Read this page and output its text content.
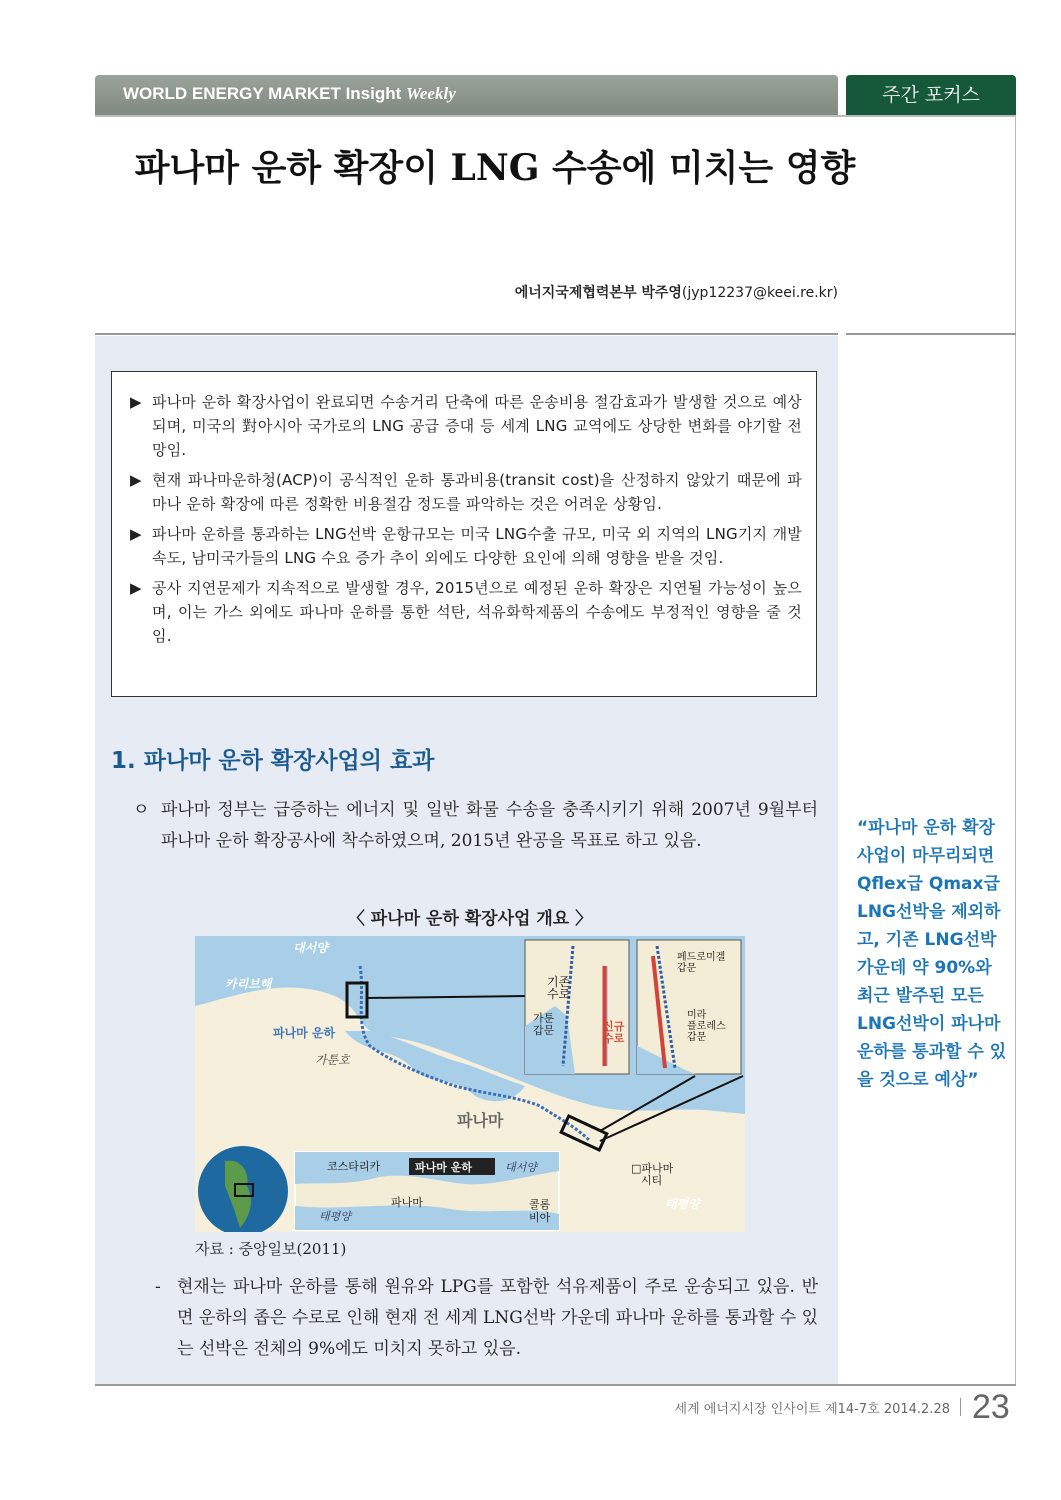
WORLD ENERGY MARKET Insight Weekly	주간 포커스
파나마 운하 확장이 LNG 수송에 미치는 영향
에너지국제협력본부 박주영(jyp12237@keei.re.kr)
▶ 파나마 운하 확장사업이 완료되면 수송거리 단축에 따른 운송비용 절감효과가 발생할 것으로 예상되며, 미국의 對아시아 국가로의 LNG 공급 증대 등 세계 LNG 교역에도 상당한 변화를 야기할 전망임.
▶ 현재 파나마운하청(ACP)이 공식적인 운하 통과비용(transit cost)을 산정하지 않았기 때문에 파마나 운하 확장에 따른 정확한 비용절감 정도를 파악하는 것은 어려운 상황임.
▶ 파나마 운하를 통과하는 LNG선박 운항규모는 미국 LNG수출 규모, 미국 외 지역의 LNG기지 개발 속도, 남미국가들의 LNG 수요 증가 추이 외에도 다양한 요인에 의해 영향을 받을 것임.
▶ 공사 지연문제가 지속적으로 발생할 경우, 2015년으로 예정된 운하 확장은 지연될 가능성이 높으며, 이는 가스 외에도 파나마 운하를 통한 석탄, 석유화학제품의 수송에도 부정적인 영향을 줄 것임.
1. 파나마 운하 확장사업의 효과
ㅇ 파나마 정부는 급증하는 에너지 및 일반 화물 수송을 충족시키기 위해 2007년 9월부터 파나마 운하 확장공사에 착수하였으며, 2015년 완공을 목표로 하고 있음.
〈 파나마 운하 확장사업 개요 〉
대서양
카리브해
파나마 운하
가툰호
파나마
기존
수로
가툰
갑문	신규
수로
페드로미겔
갑문
미라
플로레스
갑문
□파나마
시티
태평양
코스타리카	파나마 운하	대서양
파나마	콜롬
비아
태평양
자료 : 중앙일보(2011)
- 현재는 파나마 운하를 통해 원유와 LPG를 포함한 석유제품이 주로 운송되고 있음. 반면 운하의 좁은 수로로 인해 현재 전 세계 LNG선박 가운데 파나마 운하를 통과할 수 있는 선박은 전체의 9%에도 미치지 못하고 있음.
“파나마 운하 확장사업이 마무리되면 Qflex급 Qmax급 LNG선박을 제외하고, 기존 LNG선박 가운데 약 90%와 최근 발주된 모든 LNG선박이 파나마 운하를 통과할 수 있을 것으로 예상”
세계 에너지시장 인사이트 제14-7호 2014.2.28 23
